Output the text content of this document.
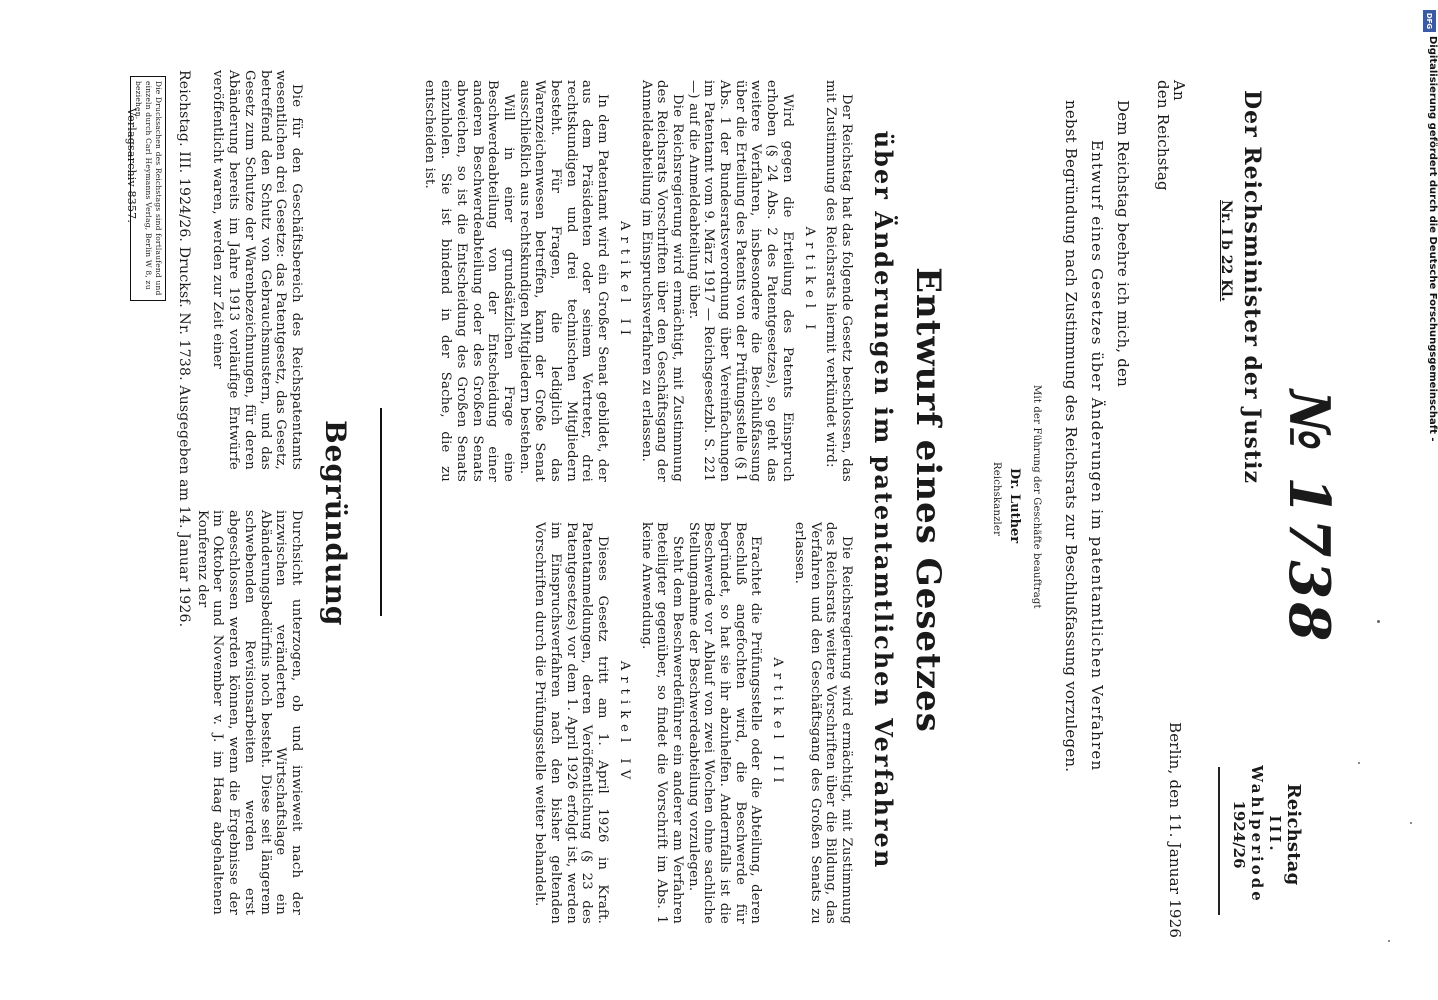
Der Reichsminister der Justiz
Nr. I b 22 Kl.
№ 1738
Reichstag
III. Wahlperiode
1924/26
Berlin, den 11. Januar 1926
An
den Reichstag
Dem Reichstag beehre ich mich, den
Entwurf eines Gesetzes über Änderungen im patentamtlichen Verfahren
nebst Begründung nach Zustimmung des Reichsrats zur Beschlußfassung vorzulegen.
Mit der Führung der Geschäfte beauftragt
Dr. Luther
Reichskanzler
Entwurf eines Gesetzes
über Änderungen im patentamtlichen Verfahren

Der Reichstag hat das folgende Gesetz beschlossen, das mit Zustimmung des Reichsrats hiermit verkündet wird:

Artikel I

Wird gegen die Erteilung des Patents Einspruch erhoben (§ 24 Abs. 2 des Patentgesetzes), so geht das weitere Verfahren, insbesondere die Beschlußfassung über die Erteilung des Patents von der Prüfungsstelle (§ 1 Abs. 1 der Bundesratsverordnung über Vereinfachungen im Patentamt vom 9. März 1917 — Reichsgesetzbl. S. 221 —) auf die Anmeldeabteilung über.

Die Reichsregierung wird ermächtigt, mit Zustimmung des Reichsrats Vorschriften über den Geschäftsgang der Anmeldeabteilung im Einspruchsverfahren zu erlassen.

Artikel II

In dem Patentamt wird ein Großer Senat gebildet, der aus dem Präsidenten oder seinem Vertreter, drei rechtskundigen und drei technischen Mitgliedern besteht. Für Fragen, die lediglich das Warenzeichenwesen betreffen, kann der Große Senat ausschließlich aus rechtskundigen Mitgliedern bestehen.

Will in einer grundsätzlichen Frage eine Beschwerdeabteilung von der Entscheidung einer anderen Beschwerdeabteilung oder des Großen Senats abweichen, so ist die Entscheidung des Großen Senats einzuholen. Sie ist bindend in der Sache, die zu entscheiden ist.

Die Reichsregierung wird ermächtigt, mit Zustimmung des Reichsrats weitere Vorschriften über die Bildung, das Verfahren und den Geschäftsgang des Großen Senats zu erlassen.

Artikel III

Erachtet die Prüfungsstelle oder die Abteilung, deren Beschluß angefochten wird, die Beschwerde für begründet, so hat sie ihr abzuhelfen. Andernfalls ist die Beschwerde vor Ablauf von zwei Wochen ohne sachliche Stellungnahme der Beschwerdeabteilung vorzulegen.

Steht dem Beschwerdeführer ein anderer am Verfahren Beteiligter gegenüber, so findet die Vorschrift im Abs. 1 keine Anwendung.

Artikel IV

Dieses Gesetz tritt am 1. April 1926 in Kraft. Patentanmeldungen, deren Veröffentlichung (§ 23 des Patentgesetzes) vor dem 1. April 1926 erfolgt ist, werden im Einspruchsverfahren nach den bisher geltenden Vorschriften durch die Prüfungsstelle weiter behandelt.

Begründung

Die für den Geschäftsbereich des Reichspatentamts wesentlichen drei Gesetze: das Patentgesetz, das Gesetz, betreffend den Schutz von Gebrauchsmustern, und das Gesetz zum Schutze der Warenbezeichnungen, für deren Abänderung bereits im Jahre 1913 vorläufige Entwürfe veröffentlicht waren, werden zur Zeit einer

Durchsicht unterzogen, ob und inwieweit nach der inzwischen veränderten Wirtschaftslage ein Abänderungsbedürfnis noch besteht. Diese seit längerem schwebenden Revisionsarbeiten werden erst abgeschlossen werden können, wenn die Ergebnisse der im Oktober und November v. J. im Haag abgehaltenen Konferenz der

Reichstag. III. 1924/26. Drucksf. Nr. 1738. Ausgegeben am 14. Januar 1926.
Die Drucksachen des Reichstags sind fortlaufend und einzeln durch Carl Heymanns Verlag, Berlin W 8, zu beziehen.
Verlagsarchiv 8357.
DFG
Digitalisierung gefördert durch die Deutsche Forschungsgemeinschaft -
